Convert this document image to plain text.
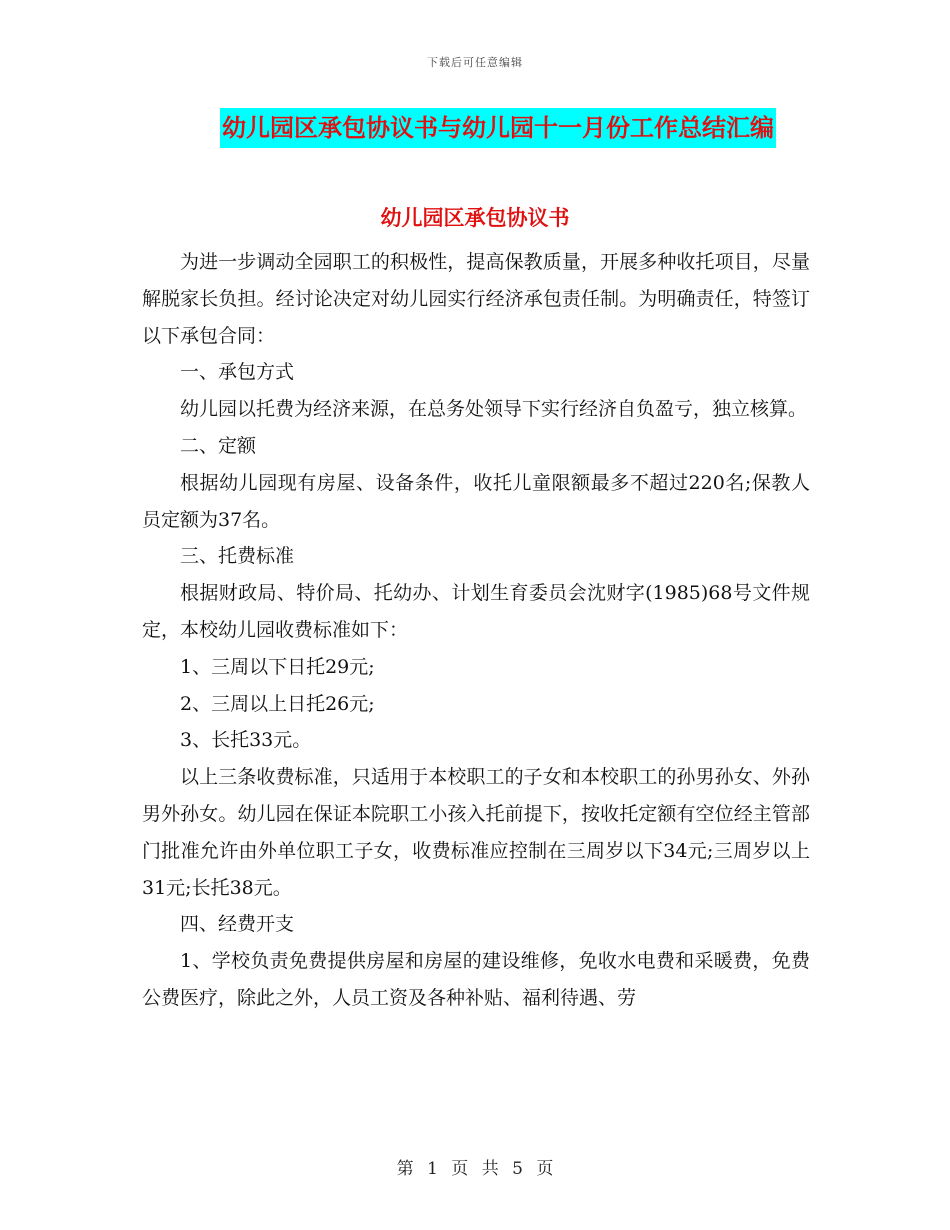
下载后可任意编辑
幼儿园区承包协议书与幼儿园十一月份工作总结汇编
幼儿园区承包协议书

为进一步调动全园职工的积极性，提高保教质量，开展多种收托项目，尽量解脱家长负担。经讨论决定对幼儿园实行经济承包责任制。为明确责任，特签订以下承包合同：

一、承包方式

幼儿园以托费为经济来源，在总务处领导下实行经济自负盈亏，独立核算。

二、定额

根据幼儿园现有房屋、设备条件，收托儿童限额最多不超过220名;保教人员定额为37名。

三、托费标准

根据财政局、特价局、托幼办、计划生育委员会沈财字(1985)68号文件规定，本校幼儿园收费标准如下：

1、三周以下日托29元;

2、三周以上日托26元;

3、长托33元。

以上三条收费标准，只适用于本校职工的子女和本校职工的孙男孙女、外孙男外孙女。幼儿园在保证本院职工小孩入托前提下，按收托定额有空位经主管部门批准允许由外单位职工子女，收费标准应控制在三周岁以下34元;三周岁以上31元;长托38元。

四、经费开支

1、学校负责免费提供房屋和房屋的建设维修，免收水电费和采暖费，免费公费医疗，除此之外，人员工资及各种补贴、福利待遇、劳

第 1 页 共 5 页
